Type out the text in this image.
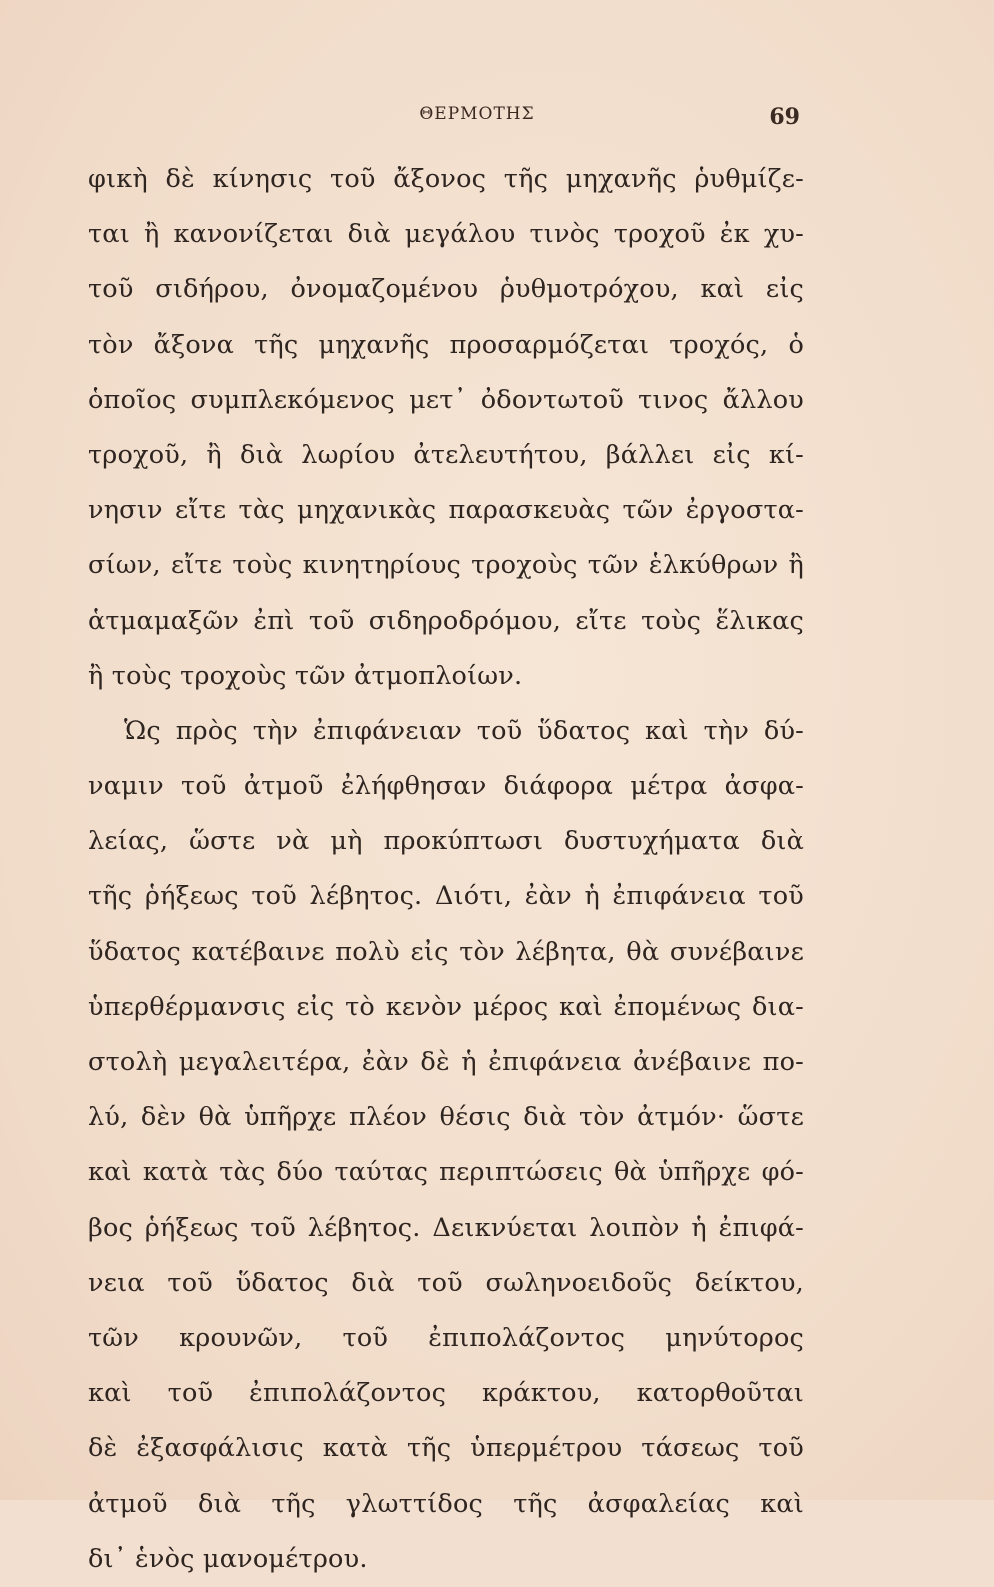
ΘΕΡΜΟΤΗΣ	69
φικὴ δὲ κίνησις τοῦ ἄξονος τῆς μηχανῆς ῥυθμίζε-
ται ἢ κανονίζεται διὰ μεγάλου τινὸς τροχοῦ ἐκ χυ-
τοῦ σιδήρου, ὀνομαζομένου ῥυθμοτρόχου, καὶ εἰς
τὸν ἄξονα τῆς μηχανῆς προσαρμόζεται τροχός, ὁ
ὁποῖος συμπλεκόμενος μετ᾽ ὀδοντωτοῦ τινος ἄλλου
τροχοῦ, ἢ διὰ λωρίου ἀτελευτήτου, βάλλει εἰς κί-
νησιν εἴτε τὰς μηχανικὰς παρασκευὰς τῶν ἐργοστα-
σίων, εἴτε τοὺς κινητηρίους τροχοὺς τῶν ἑλκύθρων ἢ
ἁτμαμαξῶν ἐπὶ τοῦ σιδηροδρόμου, εἴτε τοὺς ἕλικας
ἢ τοὺς τροχοὺς τῶν ἀτμοπλοίων.
Ὡς πρὸς τὴν ἐπιφάνειαν τοῦ ὕδατος καὶ τὴν δύ-
ναμιν τοῦ ἀτμοῦ ἐλήφθησαν διάφορα μέτρα ἀσφα-
λείας, ὥστε νὰ μὴ προκύπτωσι δυστυχήματα διὰ
τῆς ῥήξεως τοῦ λέβητος. Διότι, ἐὰν ἡ ἐπιφάνεια τοῦ
ὕδατος κατέβαινε πολὺ εἰς τὸν λέβητα, θὰ συνέβαινε
ὑπερθέρμανσις εἰς τὸ κενὸν μέρος καὶ ἐπομένως δια-
στολὴ μεγαλειτέρα, ἐὰν δὲ ἡ ἐπιφάνεια ἀνέβαινε πο-
λύ, δὲν θὰ ὑπῆρχε πλέον θέσις διὰ τὸν ἀτμόν· ὥστε
καὶ κατὰ τὰς δύο ταύτας περιπτώσεις θὰ ὑπῆρχε φό-
βος ῥήξεως τοῦ λέβητος. Δεικνύεται λοιπὸν ἡ ἐπιφά-
νεια τοῦ ὕδατος διὰ τοῦ σωληνοειδοῦς δείκτου,
τῶν κρουνῶν, τοῦ ἐπιπολάζοντος μηνύτορος
καὶ τοῦ ἐπιπολάζοντος κράκτου, κατορθοῦται
δὲ ἐξασφάλισις κατὰ τῆς ὑπερμέτρου τάσεως τοῦ
ἀτμοῦ διὰ τῆς γλωττίδος τῆς ἀσφαλείας καὶ
δι᾽ ἑνὸς μανομέτρου.
